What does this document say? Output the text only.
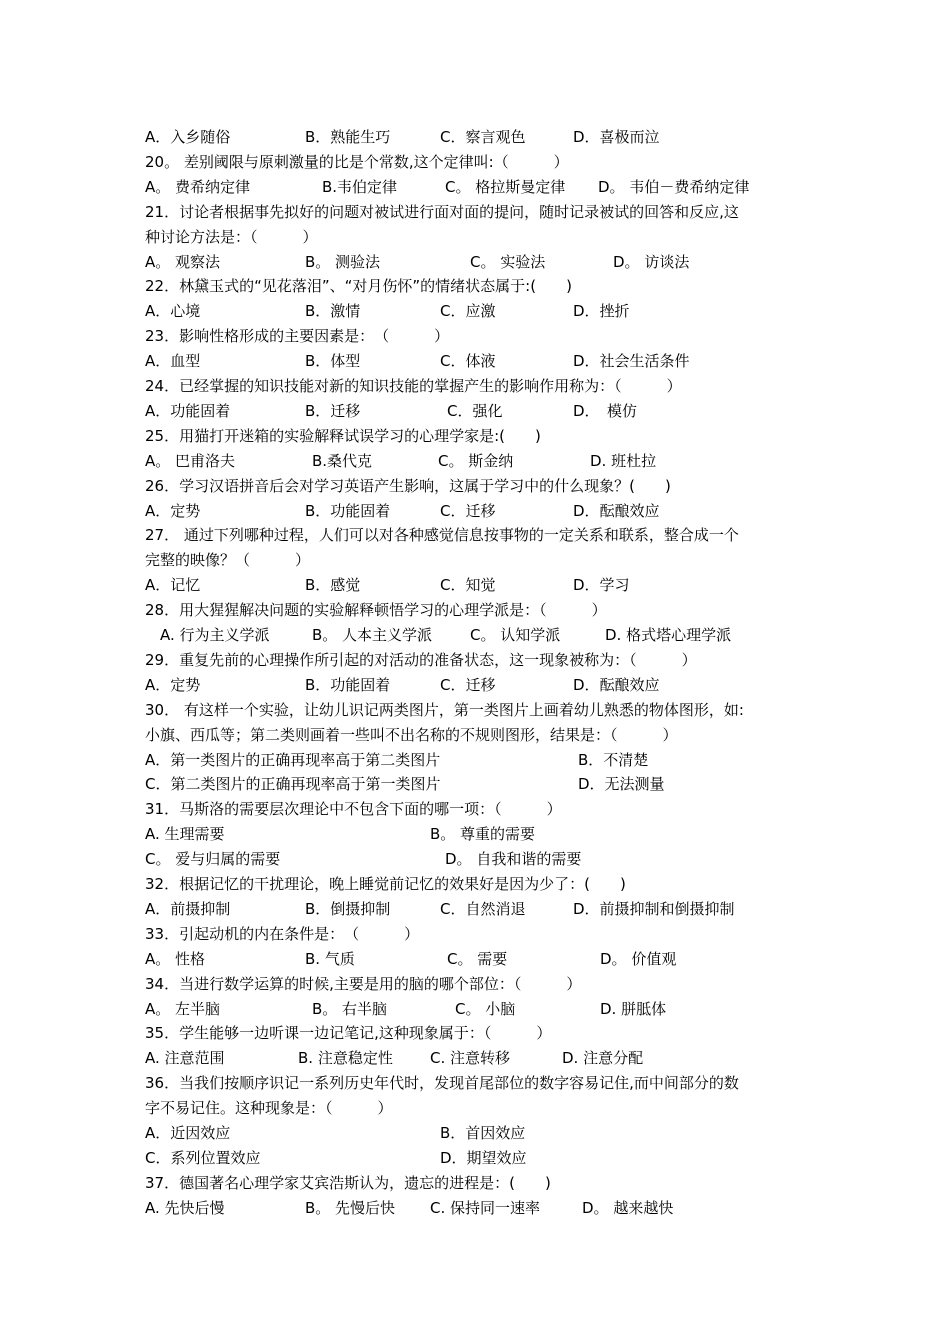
A．入乡随俗	B．熟能生巧	C．察言观色	D．喜极而泣
20。 差别阈限与原刺激量的比是个常数,这个定律叫:（　　　）
A。 费希纳定律	B.韦伯定律	C。 格拉斯曼定律 D。 韦伯－费希纳定律
21．讨论者根据事先拟好的问题对被试进行面对面的提问，随时记录被试的回答和反应,这
种讨论方法是：（　　　）
A。 观察法	B。 测验法	C。 实验法	D。 访谈法
22．林黛玉式的“见花落泪”、“对月伤怀”的情绪状态属于:(　　)
A．心境	B．激情	C．应激	D．挫折
23．影响性格形成的主要因素是：　（　　　）
A．血型	B．体型	C．体液	D．社会生活条件
24．已经掌握的知识技能对新的知识技能的掌握产生的影响作用称为：（　　　）
A．功能固着	B．迁移	C．强化	D．　模仿
25．用猫打开迷箱的实验解释试误学习的心理学家是:(　　)
A。 巴甫洛夫	B.桑代克	C。 斯金纳	D. 班杜拉
26．学习汉语拼音后会对学习英语产生影响，这属于学习中的什么现象？(　　)
A．定势	B．功能固着	C．迁移	D．酝酿效应
27． 通过下列哪种过程，人们可以对各种感觉信息按事物的一定关系和联系，整合成一个
完整的映像？（　　　）
A．记忆	B．感觉	C．知觉	D．学习
28．用大猩猩解决问题的实验解释顿悟学习的心理学派是：（　　　）
A. 行为主义学派	B。 人本主义学派	C。 认知学派	D. 格式塔心理学派
29．重复先前的心理操作所引起的对活动的准备状态，这一现象被称为：（　　　）
A．定势	B．功能固着	C．迁移	D．酝酿效应
30． 有这样一个实验，让幼儿识记两类图片，第一类图片上画着幼儿熟悉的物体图形，如:
小旗、西瓜等；第二类则画着一些叫不出名称的不规则图形，结果是：（　　　）
A．第一类图片的正确再现率高于第二类图片	B．不清楚
C．第二类图片的正确再现率高于第一类图片	D．无法测量
31．马斯洛的需要层次理论中不包含下面的哪一项：（　　　）
A. 生理需要	B。 尊重的需要
C。 爱与归属的需要	D。 自我和谐的需要
32．根据记忆的干扰理论，晚上睡觉前记忆的效果好是因为少了：(　　)
A．前摄抑制	B．倒摄抑制	C．自然消退	D．前摄抑制和倒摄抑制
33．引起动机的内在条件是：　（　　　）
A。 性格	B. 气质	C。 需要	D。 价值观
34．当进行数学运算的时候,主要是用的脑的哪个部位：（　　　）
A。 左半脑	B。 右半脑	C。 小脑	D. 胼胝体
35．学生能够一边听课一边记笔记,这种现象属于：（　　　）
A. 注意范围	B. 注意稳定性 C. 注意转移	D. 注意分配
36．当我们按顺序识记一系列历史年代时，发现首尾部位的数字容易记住,而中间部分的数
字不易记住。这种现象是：（　　　）
A．近因效应	B．首因效应
C．系列位置效应	D．期望效应
37．德国著名心理学家艾宾浩斯认为，遗忘的进程是：(　　)
A. 先快后慢	B。 先慢后快 C. 保持同一速率	D。 越来越快
